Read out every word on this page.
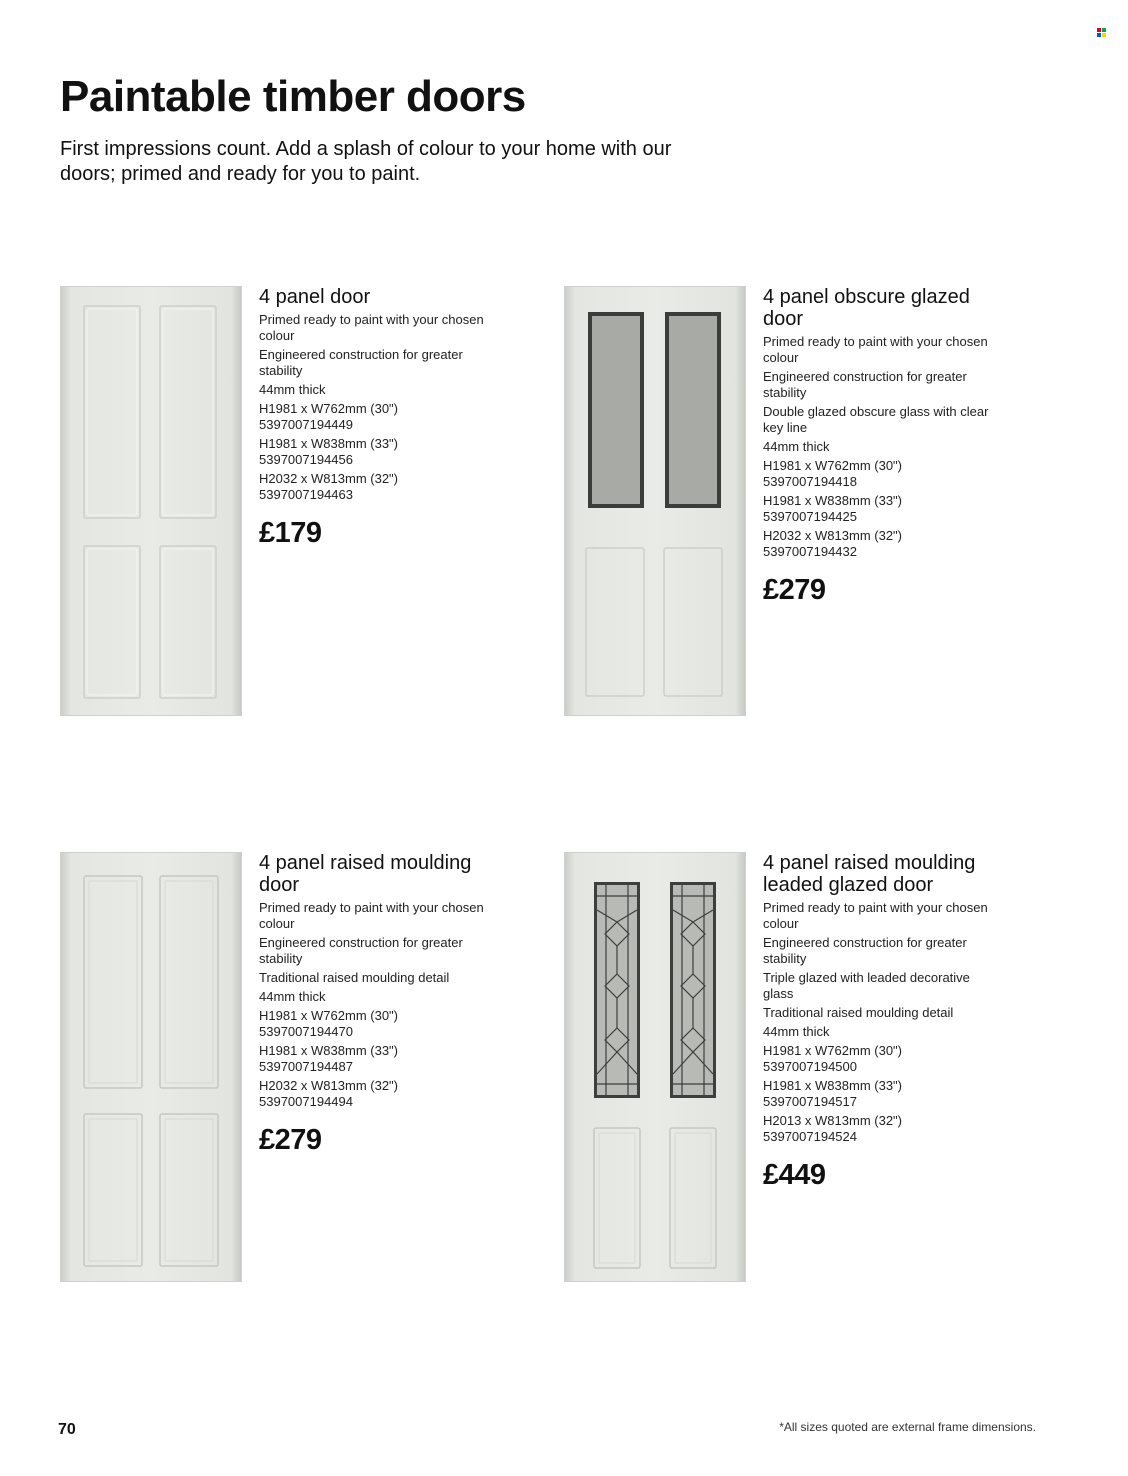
Paintable timber doors

First impressions count. Add a splash of colour to your home with our doors; primed and ready for you to paint.

4 panel door

Primed ready to paint with your chosen colour

Engineered construction for greater stability

44mm thick

H1981 x W762mm (30")
5397007194449
H1981 x W838mm (33")
5397007194456
H2032 x W813mm (32")
5397007194463
£179
4 panel obscure glazed door

Primed ready to paint with your chosen colour

Engineered construction for greater stability

Double glazed obscure glass with clear key line

44mm thick

H1981 x W762mm (30")
5397007194418
H1981 x W838mm (33")
5397007194425
H2032 x W813mm (32")
5397007194432
£279
4 panel raised moulding door

Primed ready to paint with your chosen colour

Engineered construction for greater stability

Traditional raised moulding detail

44mm thick

H1981 x W762mm (30")
5397007194470
H1981 x W838mm (33")
5397007194487
H2032 x W813mm (32")
5397007194494
£279
4 panel raised moulding leaded glazed door

Primed ready to paint with your chosen colour

Engineered construction for greater stability

Triple glazed with leaded decorative glass

Traditional raised moulding detail

44mm thick

H1981 x W762mm (30")
5397007194500
H1981 x W838mm (33")
5397007194517
H2013 x W813mm (32")
5397007194524
£449
70	*All sizes quoted are external frame dimensions.
